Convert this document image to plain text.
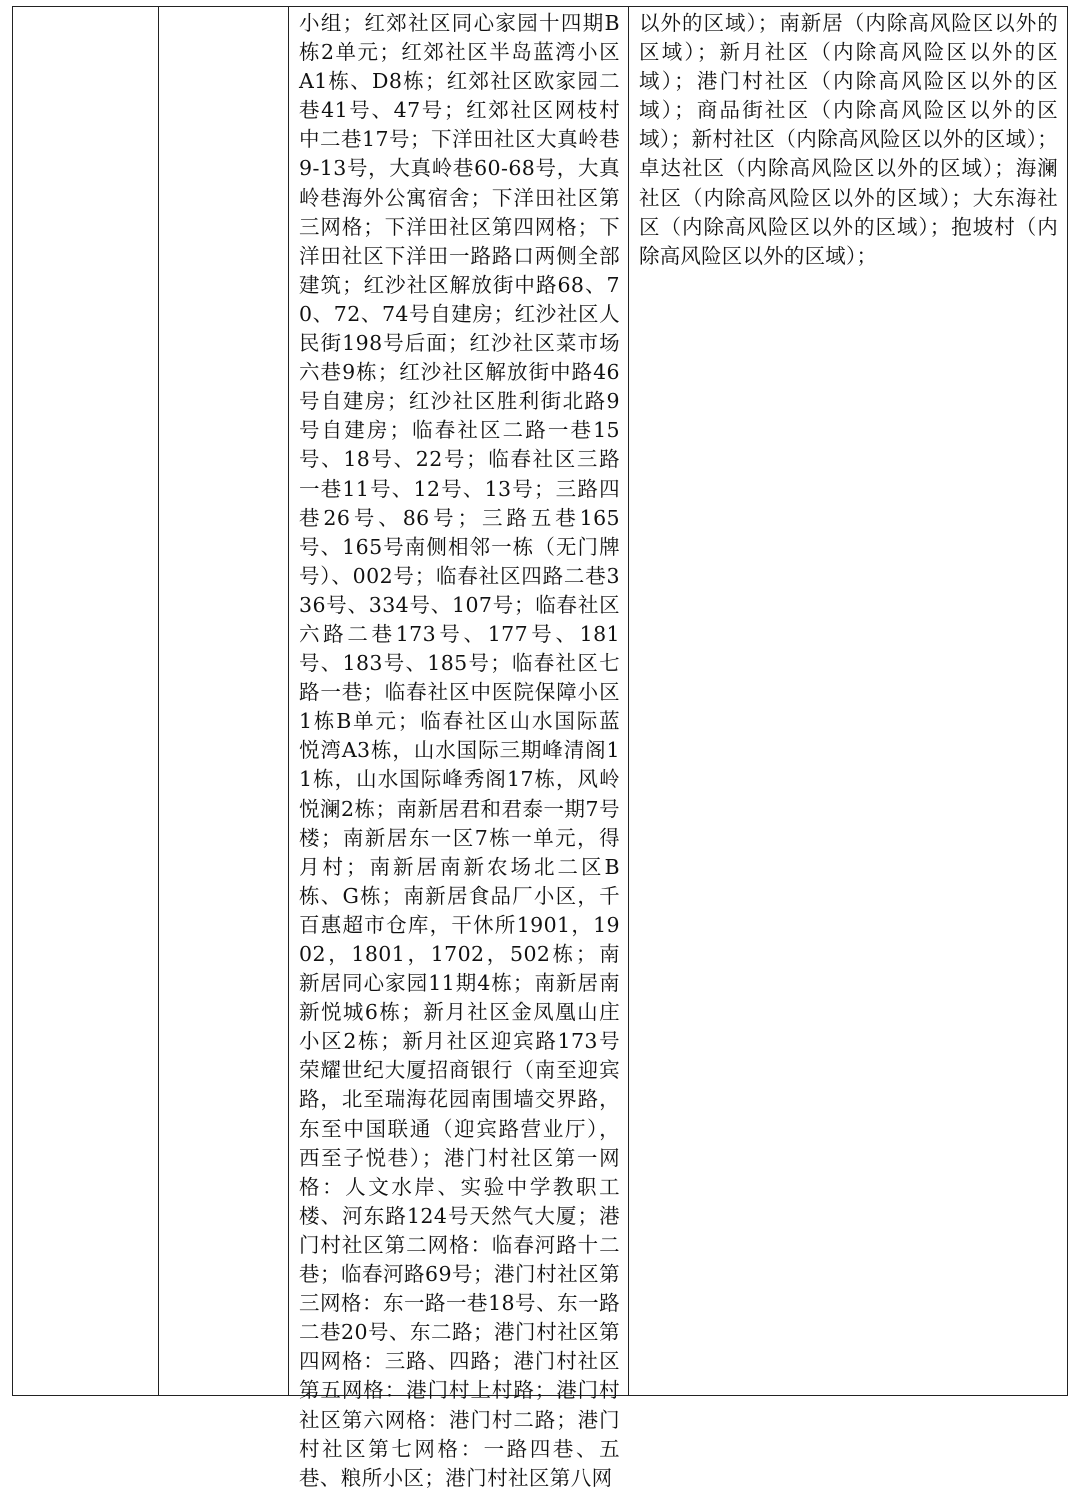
小组；红郊社区同心家园十四期B栋2单元；红郊社区半岛蓝湾小区A1栋、D8栋；红郊社区欧家园二巷41号、47号；红郊社区网枝村中二巷17号；下洋田社区大真岭巷9-13号，大真岭巷60-68号，大真岭巷海外公寓宿舍；下洋田社区第三网格；下洋田社区第四网格；下洋田社区下洋田一路路口两侧全部建筑；红沙社区解放街中路68、70、72、74号自建房；红沙社区人民街198号后面；红沙社区菜市场六巷9栋；红沙社区解放街中路46号自建房；红沙社区胜利街北路9号自建房；临春社区二路一巷15号、18号、22号；临春社区三路一巷11号、12号、13号；三路四巷26号、86号；三路五巷165号、165号南侧相邻一栋（无门牌号）、002号；临春社区四路二巷336号、334号、107号；临春社区六路二巷173号、177号、181号、183号、185号；临春社区七路一巷；临春社区中医院保障小区1栋B单元；临春社区山水国际蓝悦湾A3栋，山水国际三期峰清阁11栋，山水国际峰秀阁17栋，风岭悦澜2栋；南新居君和君泰一期7号楼；南新居东一区7栋一单元，得月村；南新居南新农场北二区B栋、G栋；南新居食品厂小区，千百惠超市仓库，干休所1901，1902，1801，1702，502栋；南新居同心家园11期4栋；南新居南新悦城6栋；新月社区金凤凰山庄小区2栋；新月社区迎宾路173号荣耀世纪大厦招商银行（南至迎宾路，北至瑞海花园南围墙交界路，东至中国联通（迎宾路营业厅），西至子悦巷）；港门村社区第一网格：人文水岸、实验中学教职工楼、河东路124号天然气大厦；港门村社区第二网格：临春河路十二巷；临春河路69号；港门村社区第三网格：东一路一巷18号、东一路二巷20号、东二路；港门村社区第四网格：三路、四路；港门村社区第五网格：港门村上村路；港门村社区第六网格：港门村二路；港门村社区第七网格：一路四巷、五巷、粮所小区；港门村社区第八网
以外的区域）；南新居（内除高风险区以外的区域）；新月社区（内除高风险区以外的区域）；港门村社区（内除高风险区以外的区域）；商品街社区（内除高风险区以外的区域）；新村社区（内除高风险区以外的区域）；卓达社区（内除高风险区以外的区域）；海澜社区（内除高风险区以外的区域）；大东海社区（内除高风险区以外的区域）；抱坡村（内除高风险区以外的区域）；
